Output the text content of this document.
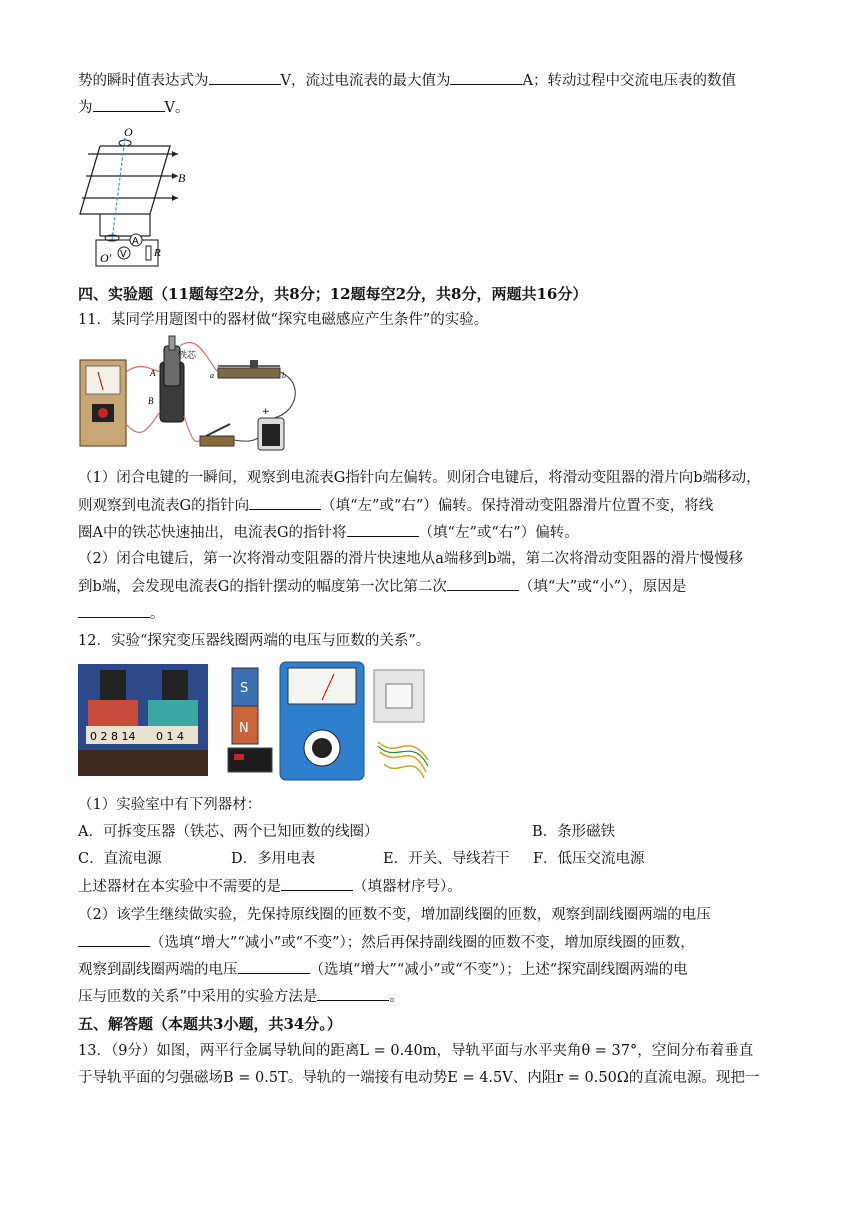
势的瞬时值表达式为	V，流过电流表的最大值为	A；转动过程中交流电压表的数值
为	V。
O
B
A
V R
O′
四、实验题（11题每空2分，共8分；12题每空2分，共8分，两题共16分）
11．某同学用题图中的器材做“探究电磁感应产生条件”的实验。
A
B
铁芯
a	b
+
（1）闭合电键的一瞬间，观察到电流表G指针向左偏转。则闭合电键后，将滑动变阻器的滑片向b端移动，
则观察到电流表G的指针向	（填“左”或“右”）偏转。保持滑动变阻器滑片位置不变，将线
圈A中的铁芯快速抽出，电流表G的指针将	（填“左”或“右”）偏转。
（2）闭合电键后，第一次将滑动变阻器的滑片快速地从a端移到b端，第二次将滑动变阻器的滑片慢慢移
到b端，会发现电流表G的指针摆动的幅度第一次比第二次	（填“大”或“小”），原因是
。
12．实验“探究变压器线圈两端的电压与匝数的关系”。
0 2 8 14 0 1 4
S
N
（1）实验室中有下列器材：
A．可拆变压器（铁芯、两个已知匝数的线圈）	B．条形磁铁
C．直流电源	D．多用电表	E．开关、导线若干 F．低压交流电源
上述器材在本实验中不需要的是	（填器材序号）。
（2）该学生继续做实验，先保持原线圈的匝数不变，增加副线圈的匝数，观察到副线圈两端的电压
（选填“增大”“减小”或“不变”）；然后再保持副线圈的匝数不变，增加原线圈的匝数，
观察到副线圈两端的电压	（选填“增大”“减小”或“不变”）；上述“探究副线圈两端的电
压与匝数的关系”中采用的实验方法是	。
五、解答题（本题共3小题，共34分。）
13．（9分）如图，两平行金属导轨间的距离L = 0.40m，导轨平面与水平夹角θ = 37°，空间分布着垂直
于导轨平面的匀强磁场B = 0.5T。导轨的一端接有电动势E = 4.5V、内阻r = 0.50Ω的直流电源。现把一
